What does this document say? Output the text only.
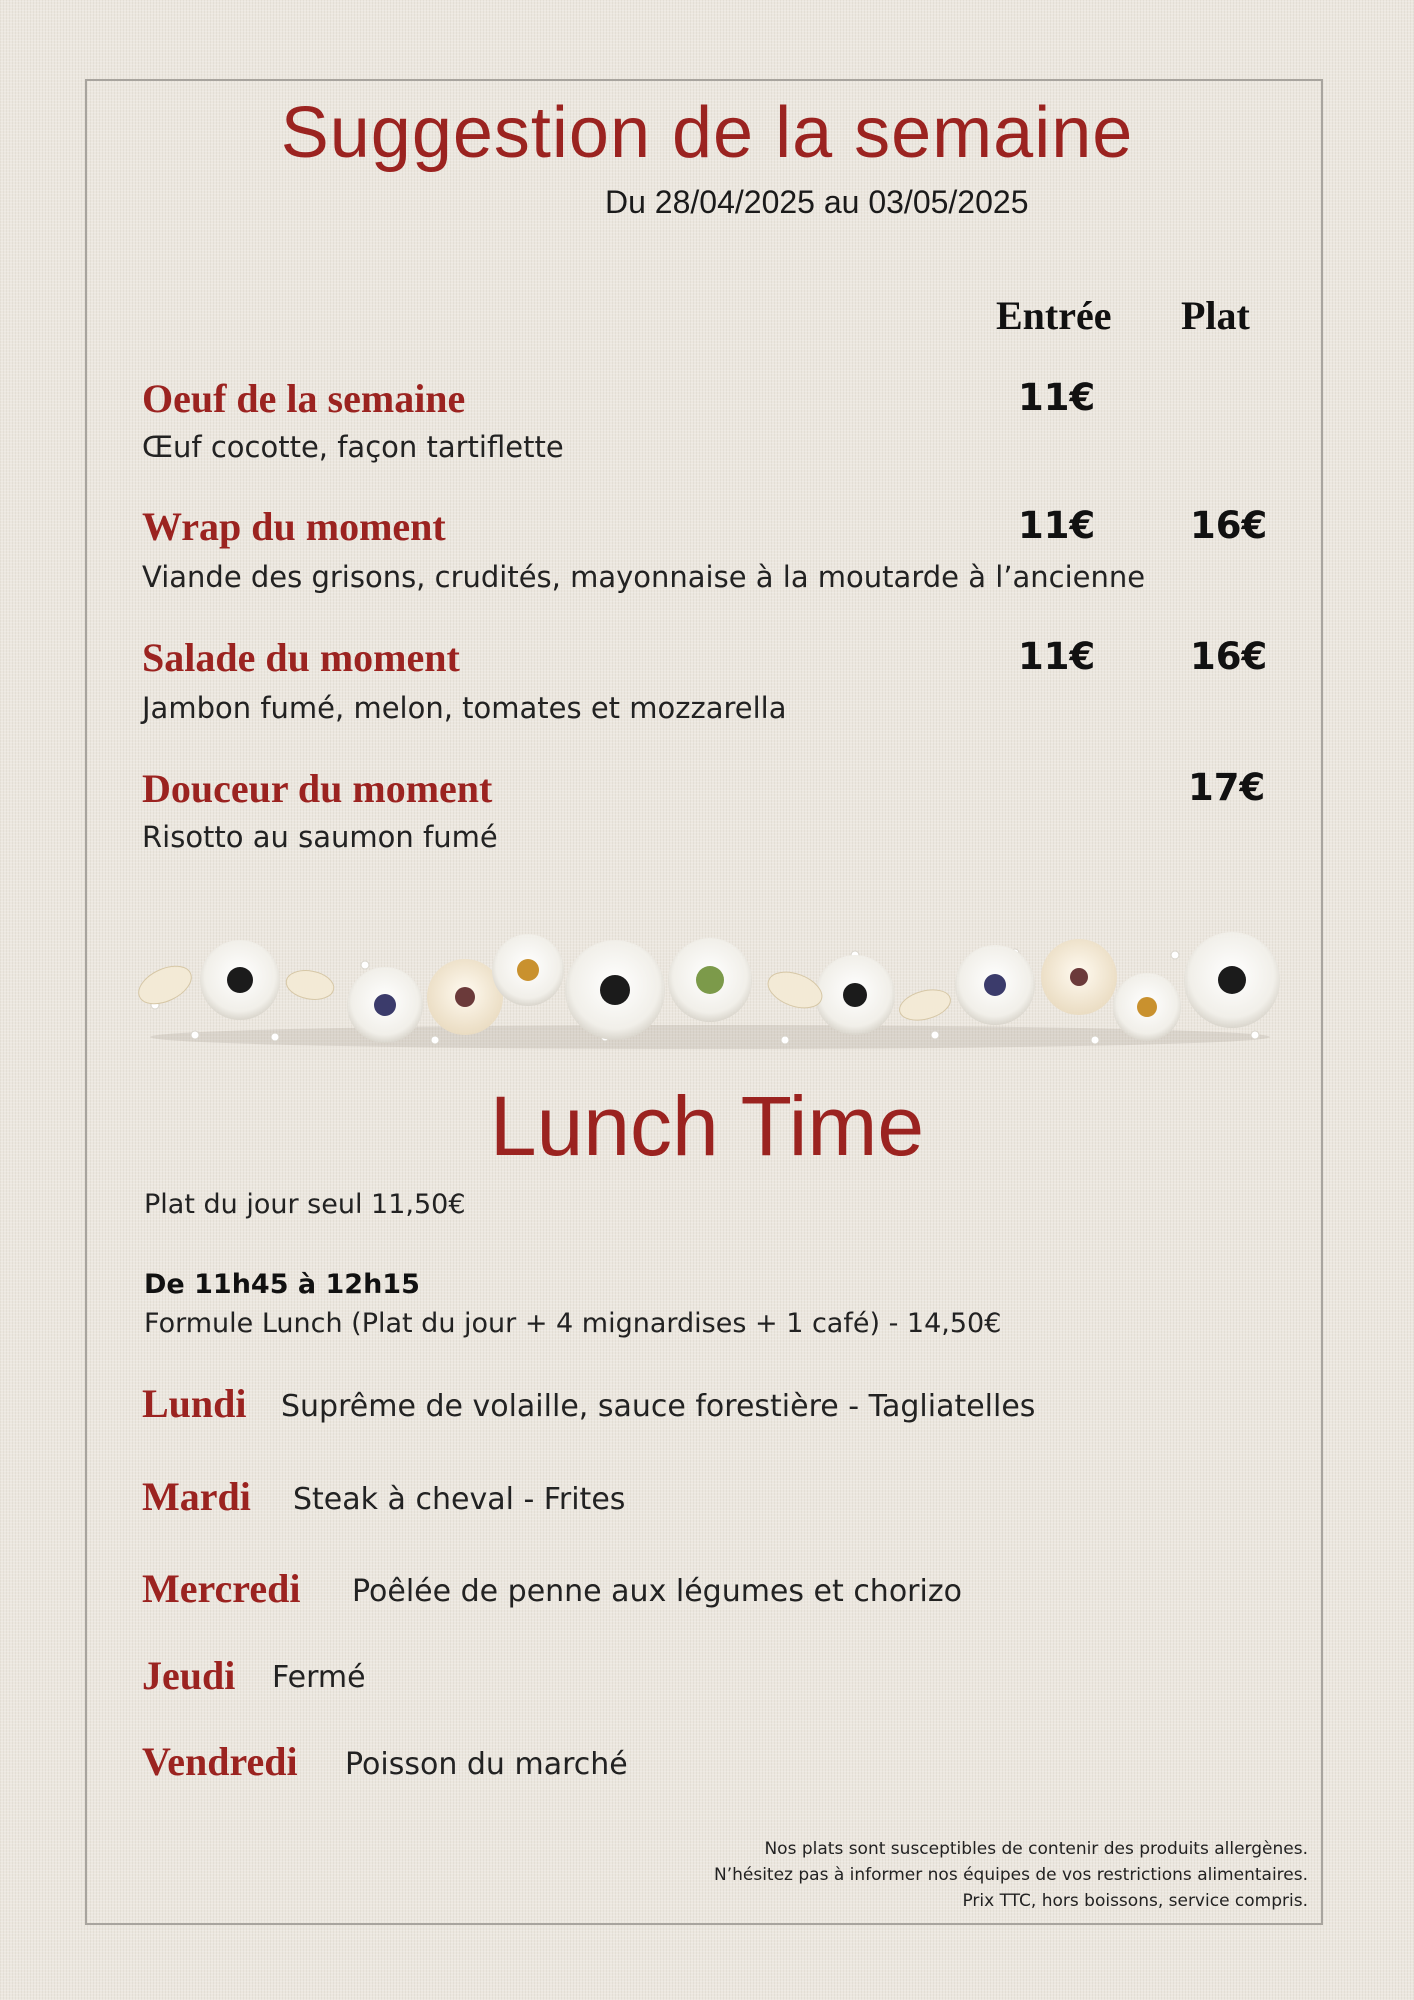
Suggestion de la semaine
Du 28/04/2025 au 03/05/2025
Entrée Plat
Oeuf de la semaine
Œuf cocotte, façon tartiflette
11€
Wrap du moment
Viande des grisons, crudités, mayonnaise à la moutarde à l’ancienne
11€	16€
Salade du moment
Jambon fumé, melon, tomates et mozzarella
11€	16€
Douceur du moment
Risotto au saumon fumé
17€
Lunch Time
Plat du jour seul 11,50€
De 11h45 à 12h15
Formule Lunch (Plat du jour + 4 mignardises + 1 café) - 14,50€
Lundi Suprême de volaille, sauce forestière - Tagliatelles
Mardi Steak à cheval - Frites
Mercredi Poêlée de penne aux légumes et chorizo
Jeudi Fermé
Vendredi Poisson du marché
Nos plats sont susceptibles de contenir des produits allergènes.
N’hésitez pas à informer nos équipes de vos restrictions alimentaires.
Prix TTC, hors boissons, service compris.
